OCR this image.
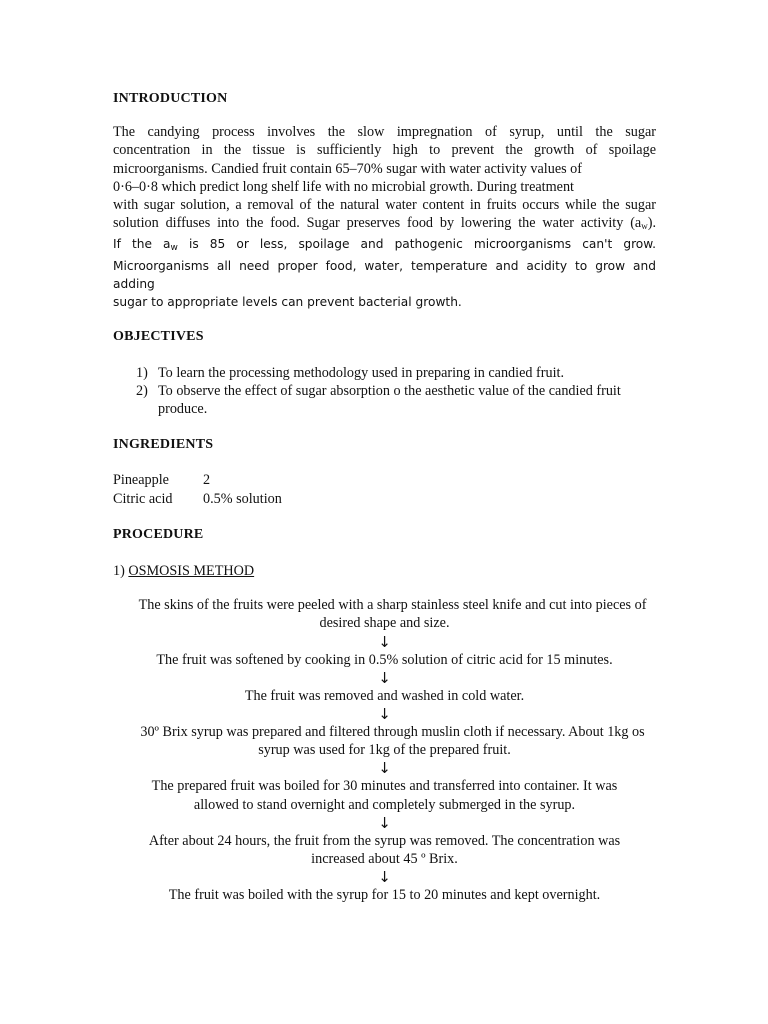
INTRODUCTION

The candying process involves the slow impregnation of syrup, until the sugar

concentration in the tissue is sufficiently high to prevent the growth of spoilage

microorganisms. Candied fruit contain 65–70% sugar with water activity values of

0·6–0·8 which predict long shelf life with no microbial growth. During treatment

with sugar solution, a removal of the natural water content in fruits occurs while the sugar

solution diffuses into the food. Sugar preserves food by lowering the water activity $(a_w)$.

If the $a_w$ is 85 or less, spoilage and pathogenic microorganisms can't grow.

Microorganisms all need proper food, water, temperature and acidity to grow and adding

sugar to appropriate levels can prevent bacterial growth.

OBJECTIVES
1) To learn the processing methodology used in preparing in candied fruit.
2) To observe the effect of sugar absorption o the aesthetic value of the candied fruit produce.
INGREDIENTS
Pineapple	2
Citric acid	0.5% solution
PROCEDURE

1) OSMOSIS METHOD

The skins of the fruits were peeled with a sharp stainless steel knife and cut into pieces of

desired shape and size.

↓

The fruit was softened by cooking in 0.5% solution of citric acid for 15 minutes.

↓

The fruit was removed and washed in cold water.

↓

30º Brix syrup was prepared and filtered through muslin cloth if necessary. About 1kg os

syrup was used for 1kg of the prepared fruit.

↓

The prepared fruit was boiled for 30 minutes and transferred into container. It was

allowed to stand overnight and completely submerged in the syrup.

↓

After about 24 hours, the fruit from the syrup was removed. The concentration was

increased about 45 º Brix.

↓

The fruit was boiled with the syrup for 15 to 20 minutes and kept overnight.
